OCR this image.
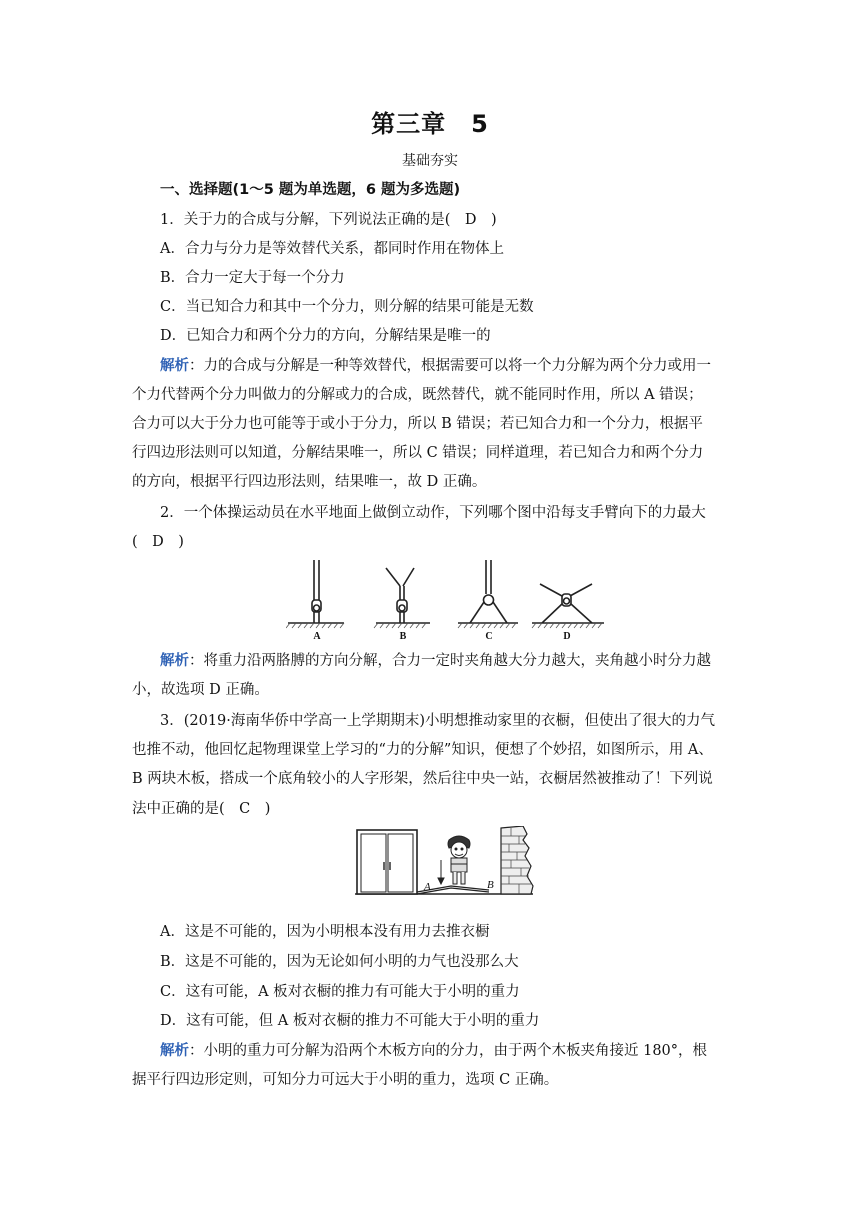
第三章　5
基础夯实
一、选择题(1～5 题为单选题，6 题为多选题)
1．关于力的合成与分解，下列说法正确的是(　D　)
A．合力与分力是等效替代关系，都同时作用在物体上
B．合力一定大于每一个分力
C．当已知合力和其中一个分力，则分解的结果可能是无数
D．已知合力和两个分力的方向，分解结果是唯一的
解析：力的合成与分解是一种等效替代，根据需要可以将一个力分解为两个分力或用一
个力代替两个分力叫做力的分解或力的合成，既然替代，就不能同时作用，所以 A 错误；
合力可以大于分力也可能等于或小于分力，所以 B 错误；若已知合力和一个分力，根据平
行四边形法则可以知道，分解结果唯一，所以 C 错误；同样道理，若已知合力和两个分力
的方向，根据平行四边形法则，结果唯一，故 D 正确。
2．一个体操运动员在水平地面上做倒立动作，下列哪个图中沿每支手臂向下的力最大
(　D　)
A	B	C	D
解析：将重力沿两胳膊的方向分解，合力一定时夹角越大分力越大，夹角越小时分力越
小，故选项 D 正确。
3．(2019·海南华侨中学高一上学期期末)小明想推动家里的衣橱，但使出了很大的力气
也推不动，他回忆起物理课堂上学习的“力的分解”知识，便想了个妙招，如图所示，用 A、
B 两块木板，搭成一个底角较小的人字形架，然后往中央一站，衣橱居然被推动了！下列说
法中正确的是(　C　)
A	B
A．这是不可能的，因为小明根本没有用力去推衣橱
B．这是不可能的，因为无论如何小明的力气也没那么大
C．这有可能，A 板对衣橱的推力有可能大于小明的重力
D．这有可能，但 A 板对衣橱的推力不可能大于小明的重力
解析：小明的重力可分解为沿两个木板方向的分力，由于两个木板夹角接近 180°，根
据平行四边形定则，可知分力可远大于小明的重力，选项 C 正确。
